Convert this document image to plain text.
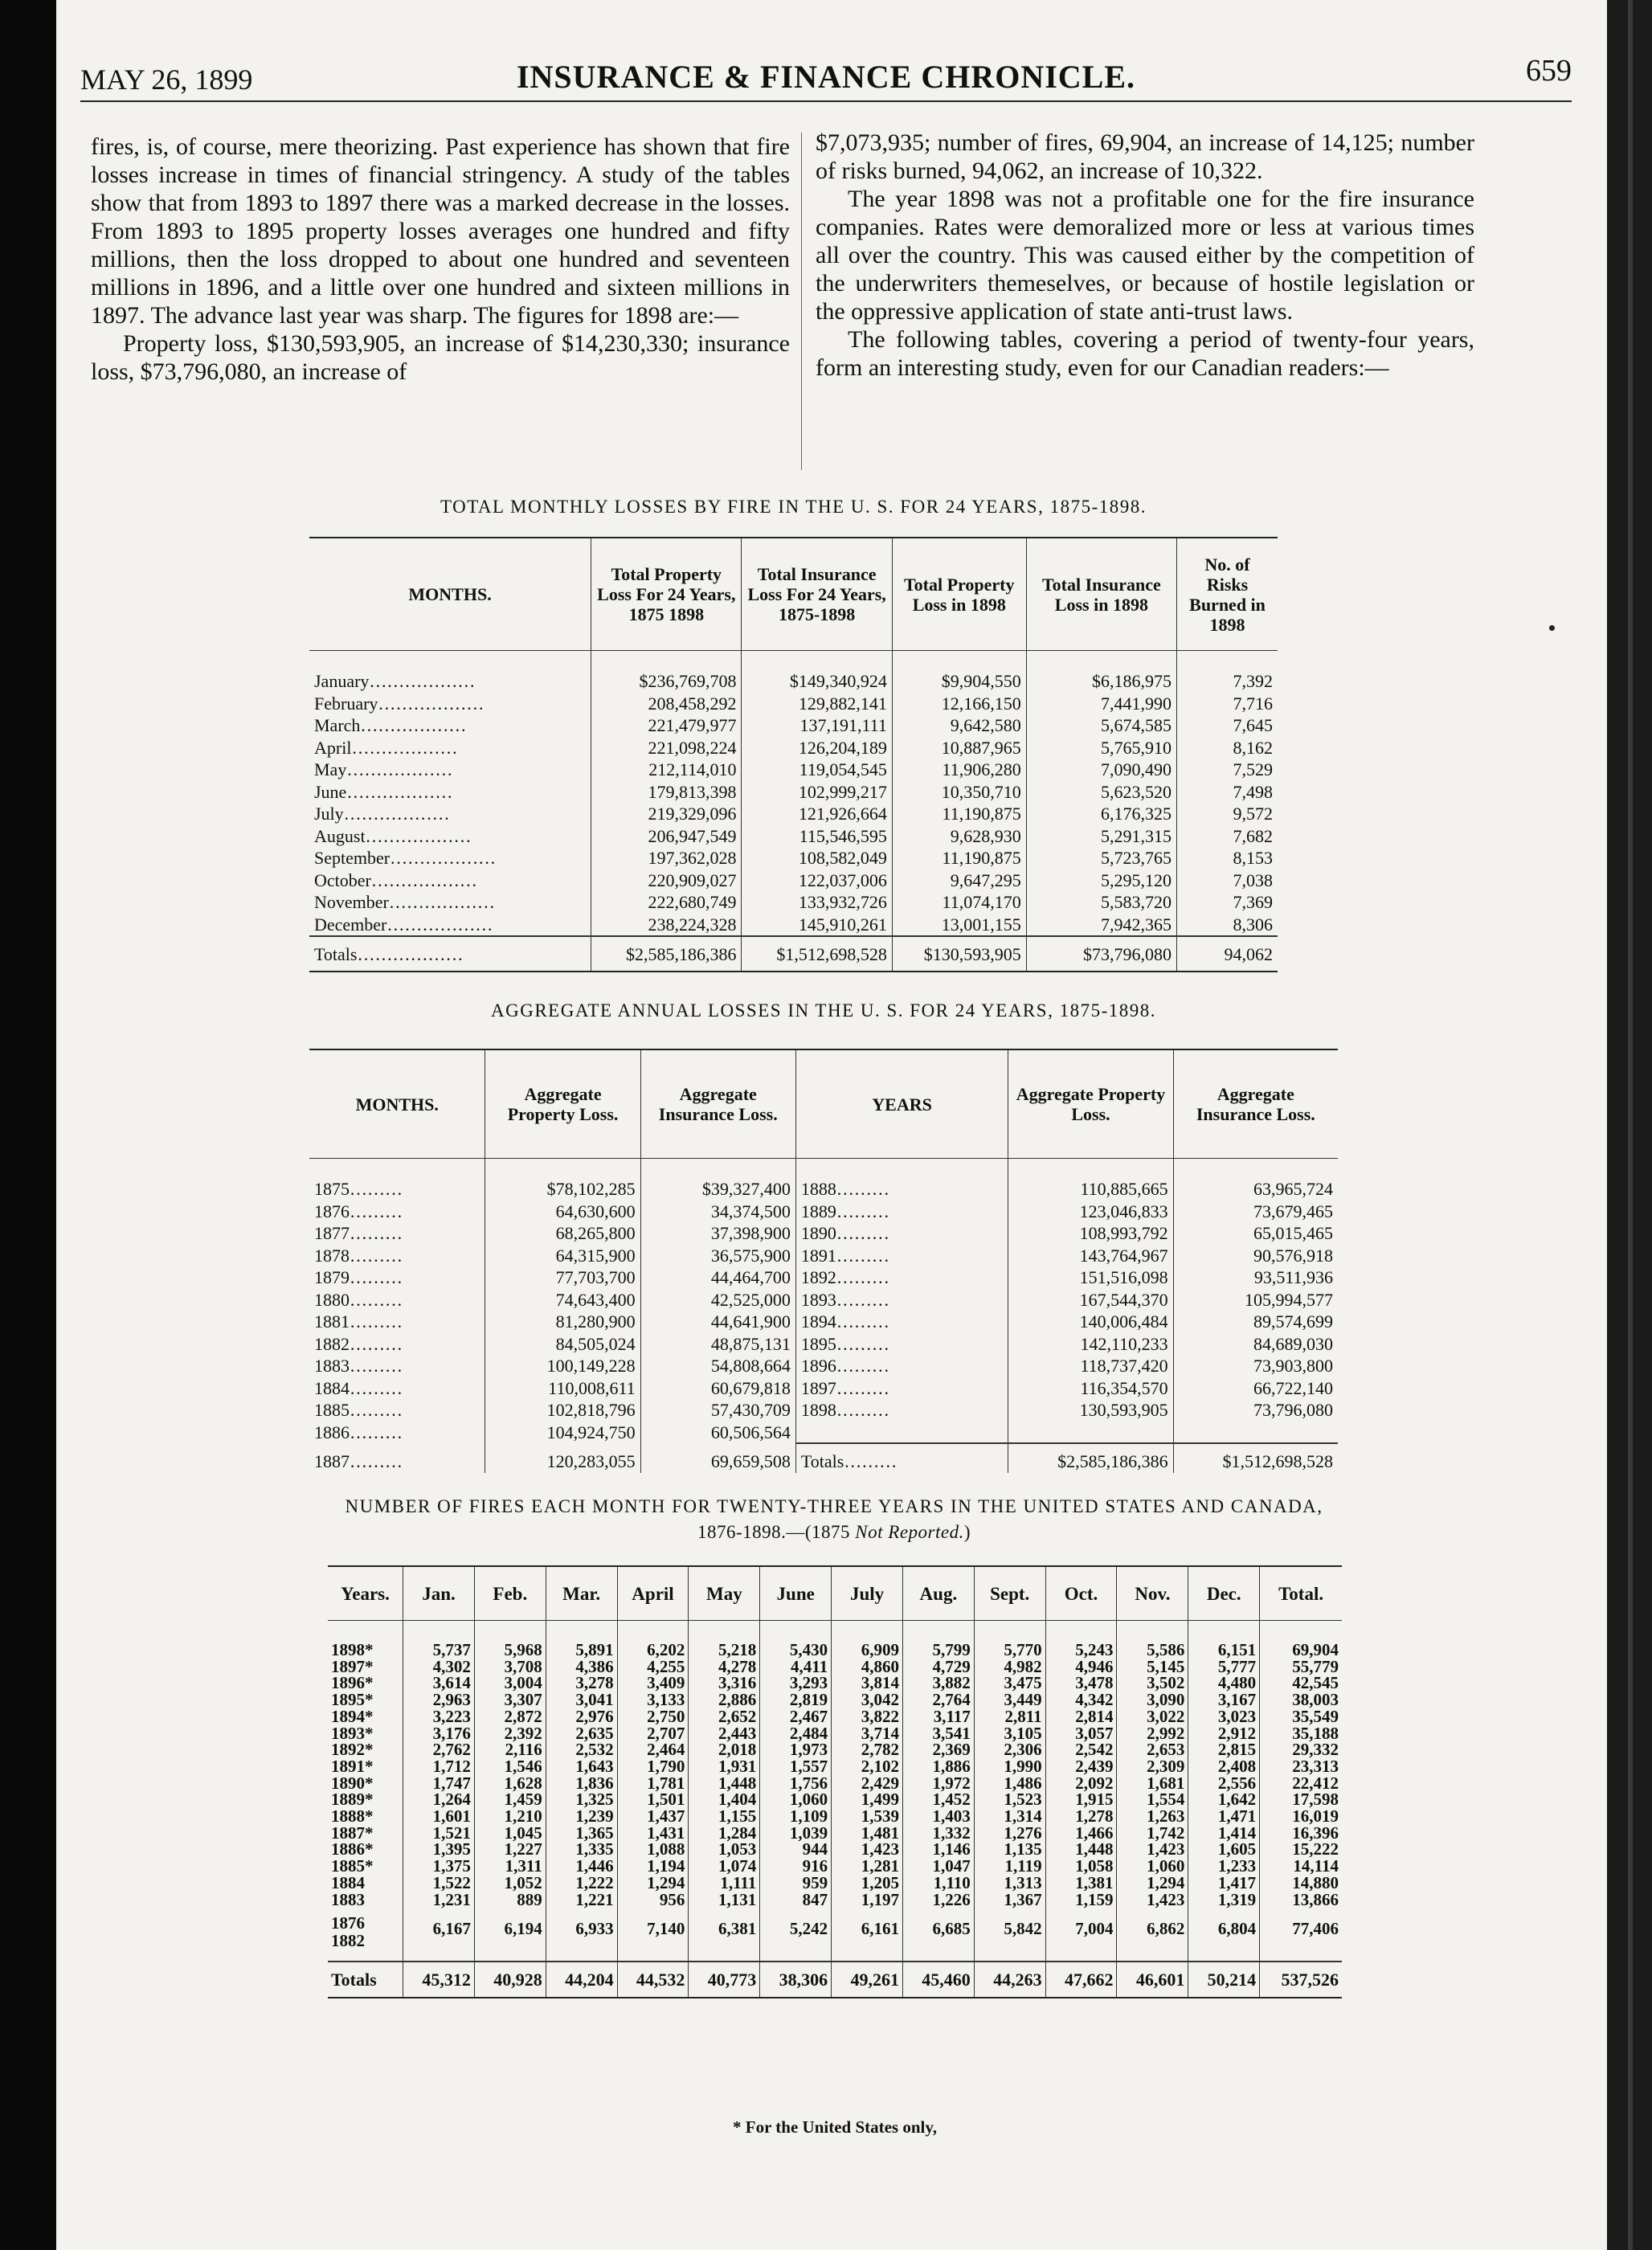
MAY 26, 1899	INSURANCE & FINANCE CHRONICLE.	659

fires, is, of course, mere theorizing. Past experience has shown that fire losses increase in times of financial stringency. A study of the tables show that from 1893 to 1897 there was a marked decrease in the losses. From 1893 to 1895 property losses averages one hundred and fifty millions, then the loss dropped to about one hundred and seventeen millions in 1896, and a little over one hundred and sixteen millions in 1897. The advance last year was sharp. The figures for 1898 are:—

Property loss, $130,593,905, an increase of $14,230,330; insurance loss, $73,796,080, an increase of

$7,073,935; number of fires, 69,904, an increase of 14,125; number of risks burned, 94,062, an increase of 10,322.

The year 1898 was not a profitable one for the fire insurance companies. Rates were demoralized more or less at various times all over the country. This was caused either by the competition of the underwriters themeselves, or because of hostile legislation or the oppressive application of state anti-trust laws.

The following tables, covering a period of twenty-four years, form an interesting study, even for our Canadian readers:—

TOTAL MONTHLY LOSSES BY FIRE IN THE U. S. FOR 24 YEARS, 1875-1898.
MONTHS.	Total Property Loss For 24 Years, 1875 1898	Total Insurance Loss For 24 Years, 1875-1898	Total Property Loss in 1898	Total Insurance Loss in 1898	No. of Risks Burned in 1898
January………………	$236,769,708	$149,340,924	$9,904,550	$6,186,975	7,392
February………………	208,458,292	129,882,141	12,166,150	7,441,990	7,716
March………………	221,479,977	137,191,111	9,642,580	5,674,585	7,645
April………………	221,098,224	126,204,189	10,887,965	5,765,910	8,162
May………………	212,114,010	119,054,545	11,906,280	7,090,490	7,529
June………………	179,813,398	102,999,217	10,350,710	5,623,520	7,498
July………………	219,329,096	121,926,664	11,190,875	6,176,325	9,572
August………………	206,947,549	115,546,595	9,628,930	5,291,315	7,682
September………………	197,362,028	108,582,049	11,190,875	5,723,765	8,153
October………………	220,909,027	122,037,006	9,647,295	5,295,120	7,038
November………………	222,680,749	133,932,726	11,074,170	5,583,720	7,369
December………………	238,224,328	145,910,261	13,001,155	7,942,365	8,306
Totals………………	$2,585,186,386	$1,512,698,528	$130,593,905	$73,796,080	94,062
AGGREGATE ANNUAL LOSSES IN THE U. S. FOR 24 YEARS, 1875-1898.
MONTHS.	Aggregate Property Loss.	Aggregate Insurance Loss.	YEARS	Aggregate Property Loss.	Aggregate Insurance Loss.
1875………	$78,102,285	$39,327,400	1888………	110,885,665	63,965,724
1876………	64,630,600	34,374,500	1889………	123,046,833	73,679,465
1877………	68,265,800	37,398,900	1890………	108,993,792	65,015,465
1878………	64,315,900	36,575,900	1891………	143,764,967	90,576,918
1879………	77,703,700	44,464,700	1892………	151,516,098	93,511,936
1880………	74,643,400	42,525,000	1893………	167,544,370	105,994,577
1881………	81,280,900	44,641,900	1894………	140,006,484	89,574,699
1882………	84,505,024	48,875,131	1895………	142,110,233	84,689,030
1883………	100,149,228	54,808,664	1896………	118,737,420	73,903,800
1884………	110,008,611	60,679,818	1897………	116,354,570	66,722,140
1885………	102,818,796	57,430,709	1898………	130,593,905	73,796,080
1886………	104,924,750	60,506,564			
1887………	120,283,055	69,659,508	Totals………	$2,585,186,386	$1,512,698,528
NUMBER OF FIRES EACH MONTH FOR TWENTY-THREE YEARS IN THE UNITED STATES AND CANADA,
1876-1898.—(1875 Not Reported.)
Years.	Jan.	Feb.	Mar.	April	May	June	July	Aug.	Sept.	Oct.	Nov.	Dec.	Total.
1898*	5,737	5,968	5,891	6,202	5,218	5,430	6,909	5,799	5,770	5,243	5,586	6,151	69,904
1897*	4,302	3,708	4,386	4,255	4,278	4,411	4,860	4,729	4,982	4,946	5,145	5,777	55,779
1896*	3,614	3,004	3,278	3,409	3,316	3,293	3,814	3,882	3,475	3,478	3,502	4,480	42,545
1895*	2,963	3,307	3,041	3,133	2,886	2,819	3,042	2,764	3,449	4,342	3,090	3,167	38,003
1894*	3,223	2,872	2,976	2,750	2,652	2,467	3,822	3,117	2,811	2,814	3,022	3,023	35,549
1893*	3,176	2,392	2,635	2,707	2,443	2,484	3,714	3,541	3,105	3,057	2,992	2,912	35,188
1892*	2,762	2,116	2,532	2,464	2,018	1,973	2,782	2,369	2,306	2,542	2,653	2,815	29,332
1891*	1,712	1,546	1,643	1,790	1,931	1,557	2,102	1,886	1,990	2,439	2,309	2,408	23,313
1890*	1,747	1,628	1,836	1,781	1,448	1,756	2,429	1,972	1,486	2,092	1,681	2,556	22,412
1889*	1,264	1,459	1,325	1,501	1,404	1,060	1,499	1,452	1,523	1,915	1,554	1,642	17,598
1888*	1,601	1,210	1,239	1,437	1,155	1,109	1,539	1,403	1,314	1,278	1,263	1,471	16,019
1887*	1,521	1,045	1,365	1,431	1,284	1,039	1,481	1,332	1,276	1,466	1,742	1,414	16,396
1886*	1,395	1,227	1,335	1,088	1,053	944	1,423	1,146	1,135	1,448	1,423	1,605	15,222
1885*	1,375	1,311	1,446	1,194	1,074	916	1,281	1,047	1,119	1,058	1,060	1,233	14,114
1884	1,522	1,052	1,222	1,294	1,111	959	1,205	1,110	1,313	1,381	1,294	1,417	14,880
1883	1,231	889	1,221	956	1,131	847	1,197	1,226	1,367	1,159	1,423	1,319	13,866

1876
1882	6,167	6,194	6,933	7,140	6,381	5,242	6,161	6,685	5,842	7,004	6,862	6,804	77,406
Totals	45,312	40,928	44,204	44,532	40,773	38,306	49,261	45,460	44,263	47,662	46,601	50,214	537,526
* For the United States only,
